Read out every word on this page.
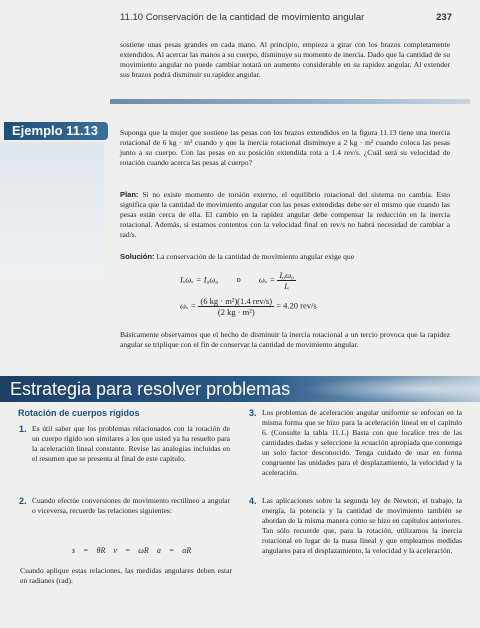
11.10 Conservación de la cantidad de movimiento angular	237

sostiene unas pesas grandes en cada mano. Al principio, empieza a girar con los brazos completamente extendidos. Al acercar las manos a su cuerpo, disminuye su momento de inercia. Dado que la cantidad de su movimiento angular no puede cambiar notará un aumento considerable en su rapidez angular. Al extender sus brazos podrá disminuir su rapidez angular.

Ejemplo 11.13	Suponga que la mujer que sostiene las pesas con los brazos extendidos en la figura 11.13 tiene una inercia rotacional de 6 kg · m² cuando y que la inercia rotacional disminuye a 2 kg · m² cuando coloca las pesas junto a su cuerpo. Con las pesas en su posición extendida rota a 1.4 rev/s. ¿Cuál será su velocidad de rotación cuando acerca las pesas al cuerpo?

Plan: Si no existe momento de torsión externo, el equilibrio rotacional del sistema no cambia. Esto significa que la cantidad de movimiento angular con las pesas extendidas debe ser el mismo que cuando las pesas están cerca de ella. El cambio en la rapidez angular debe compensar la reducción en la inercia rotacional. Además, si estamos contentos con la velocidad final en rev/s no habrá necesidad de cambiar a rad/s.

Solución: La conservación de la cantidad de movimiento angular exige que

Iₓωₓ = I₀ω₀ o $\omega_x = \frac{\text{I₀ω₀}}{\text{Iₓ}}$
ωₓ = (6 kg · m²)(1.4 rev/s)
(2 kg · m²)
= 4.20 rev/s

Básicamente observamos que el hecho de disminuir la inercia rotacional a un tercio provoca que la rapidez angular se triplique con el fin de conservar la cantidad de movimiento angular.

Estrategia para resolver problemas
Rotación de cuerpos rígidos

1. Es útil saber que los problemas relacionados con la rotación de un cuerpo rígido son similares a los que usted ya ha resuelto para la aceleración lineal constante. Revise las analogías incluidas en el resumen que se presenta al final de este capítulo.

2. Cuando efectúe conversiones de movimiento rectilíneo a angular o viceversa, recuerde las relaciones siguientes:

s = θR v = ωR a = αR

Cuando aplique estas relaciones, las medidas angulares deben estar en radianes (rad).

3. Los problemas de aceleración angular uniforme se enfocan en la misma forma que se hizo para la aceleración lineal en el capítulo 6. (Consulte la tabla 11.1.) Basta con que localice tres de las cantidades dadas y seleccione la ecuación apropiada que contenga un solo factor desconocido. Tenga cuidado de usar en forma congruente las unidades para el desplazamiento, la velocidad y la aceleración.

4. Las aplicaciones sobre la segunda ley de Newton, el trabajo, la energía, la potencia y la cantidad de movimiento también se abordan de la misma manera como se hizo en capítulos anteriores. Tan sólo recuerde que, para la rotación, utilizamos la inercia rotacional en lugar de la masa lineal y que empleamos medidas angulares para el desplazamiento, la velocidad y la aceleración.
